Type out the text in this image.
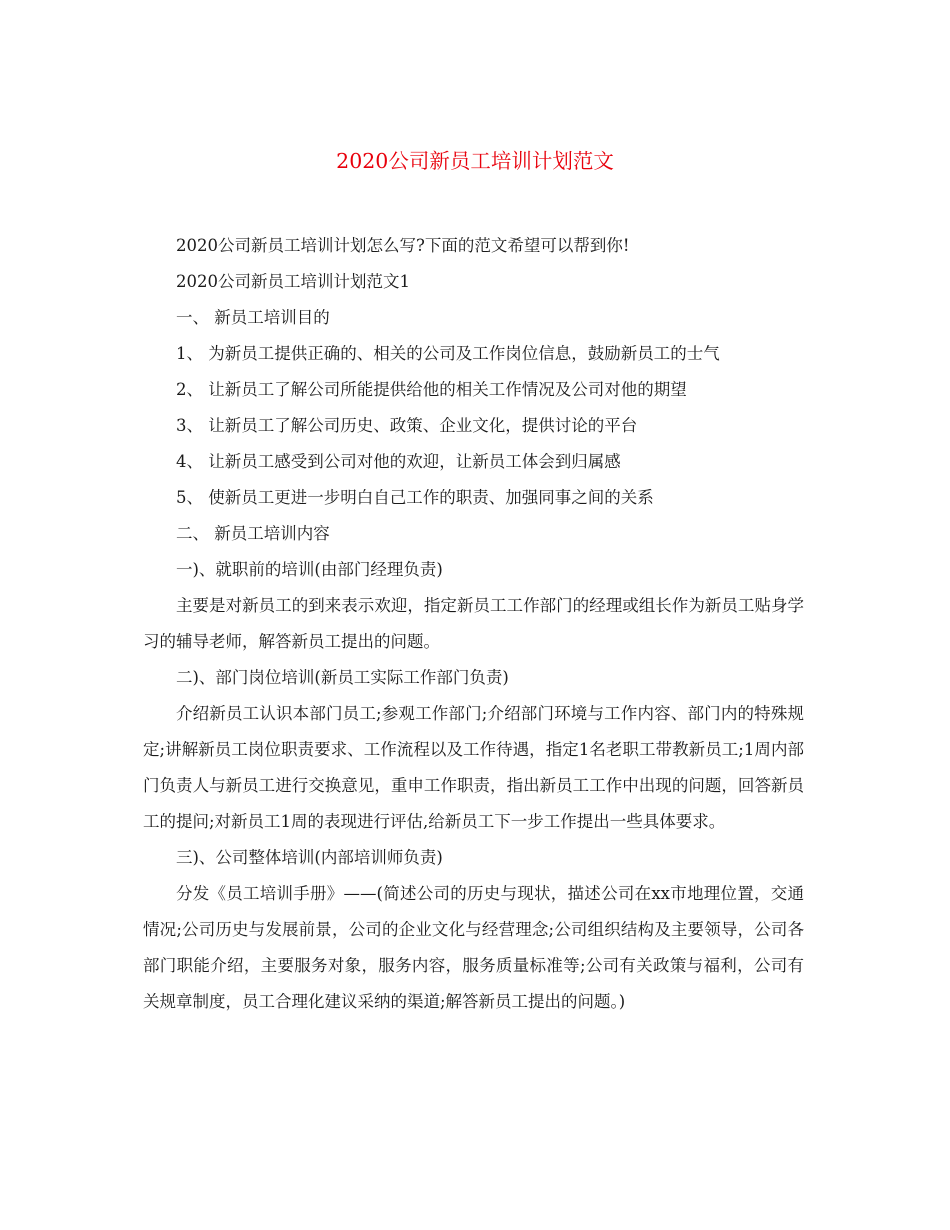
2020公司新员工培训计划范文

2020公司新员工培训计划怎么写?下面的范文希望可以帮到你!

2020公司新员工培训计划范文1

一、 新员工培训目的

1、 为新员工提供正确的、相关的公司及工作岗位信息，鼓励新员工的士气

2、 让新员工了解公司所能提供给他的相关工作情况及公司对他的期望

3、 让新员工了解公司历史、政策、企业文化，提供讨论的平台

4、 让新员工感受到公司对他的欢迎，让新员工体会到归属感

5、 使新员工更进一步明白自己工作的职责、加强同事之间的关系

二、 新员工培训内容

一)、就职前的培训(由部门经理负责)

主要是对新员工的到来表示欢迎，指定新员工工作部门的经理或组长作为新员工贴身学习的辅导老师，解答新员工提出的问题。

二)、部门岗位培训(新员工实际工作部门负责)

介绍新员工认识本部门员工;参观工作部门;介绍部门环境与工作内容、部门内的特殊规定;讲解新员工岗位职责要求、工作流程以及工作待遇，指定1名老职工带教新员工;1周内部门负责人与新员工进行交换意见，重申工作职责，指出新员工工作中出现的问题，回答新员工的提问;对新员工1周的表现进行评估,给新员工下一步工作提出一些具体要求。

三)、公司整体培训(内部培训师负责)

分发《员工培训手册》——(简述公司的历史与现状，描述公司在xx市地理位置，交通情况;公司历史与发展前景，公司的企业文化与经营理念;公司组织结构及主要领导，公司各部门职能介绍，主要服务对象，服务内容，服务质量标准等;公司有关政策与福利，公司有关规章制度，员工合理化建议采纳的渠道;解答新员工提出的问题。)
